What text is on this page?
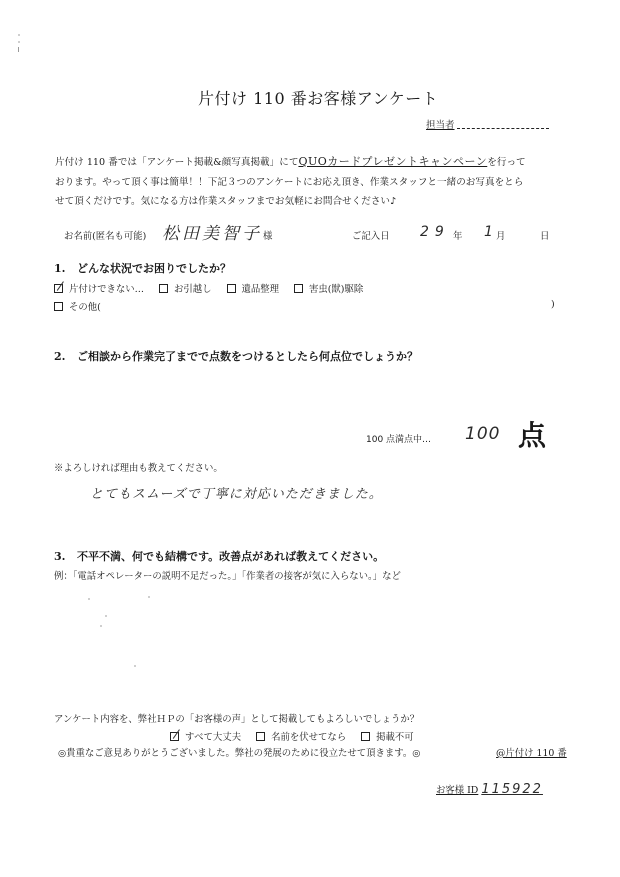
片付け 110 番お客様アンケート
担当者
片付け 110 番では「アンケート掲載&顔写真掲載」にてQUOカードプレゼントキャンペーンを行って
おります。やって頂く事は簡単！！下記３つのアンケートにお応え頂き、作業スタッフと一緒のお写真をとら
せて頂くだけです。気になる方は作業スタッフまでお気軽にお問合せください♪
お名前(匿名も可能) 松田美智子 様	ご記入日 29 年 1 月	日
1. どんな状況でお困りでしたか？
片付けできない…	お引越し	遺品整理	害虫(獣)駆除
その他(	)
2. ご相談から作業完了までで点数をつけるとしたら何点位でしょうか？
100 点満点中… 100 点
※よろしければ理由も教えてください。
とてもスムーズで丁寧に対応いただきました。
3. 不平不満、何でも結構です。改善点があれば教えてください。
例：「電話オペレーターの説明不足だった。」「作業者の接客が気に入らない。」など
アンケート内容を、弊社ＨＰの「お客様の声」として掲載してもよろしいでしょうか？
すべて大丈夫	名前を伏せてなら	掲載不可
◎貴重なご意見ありがとうございました。弊社の発展のために役立たせて頂きます。◎	@片付け 110 番
お客様 ID 115922
